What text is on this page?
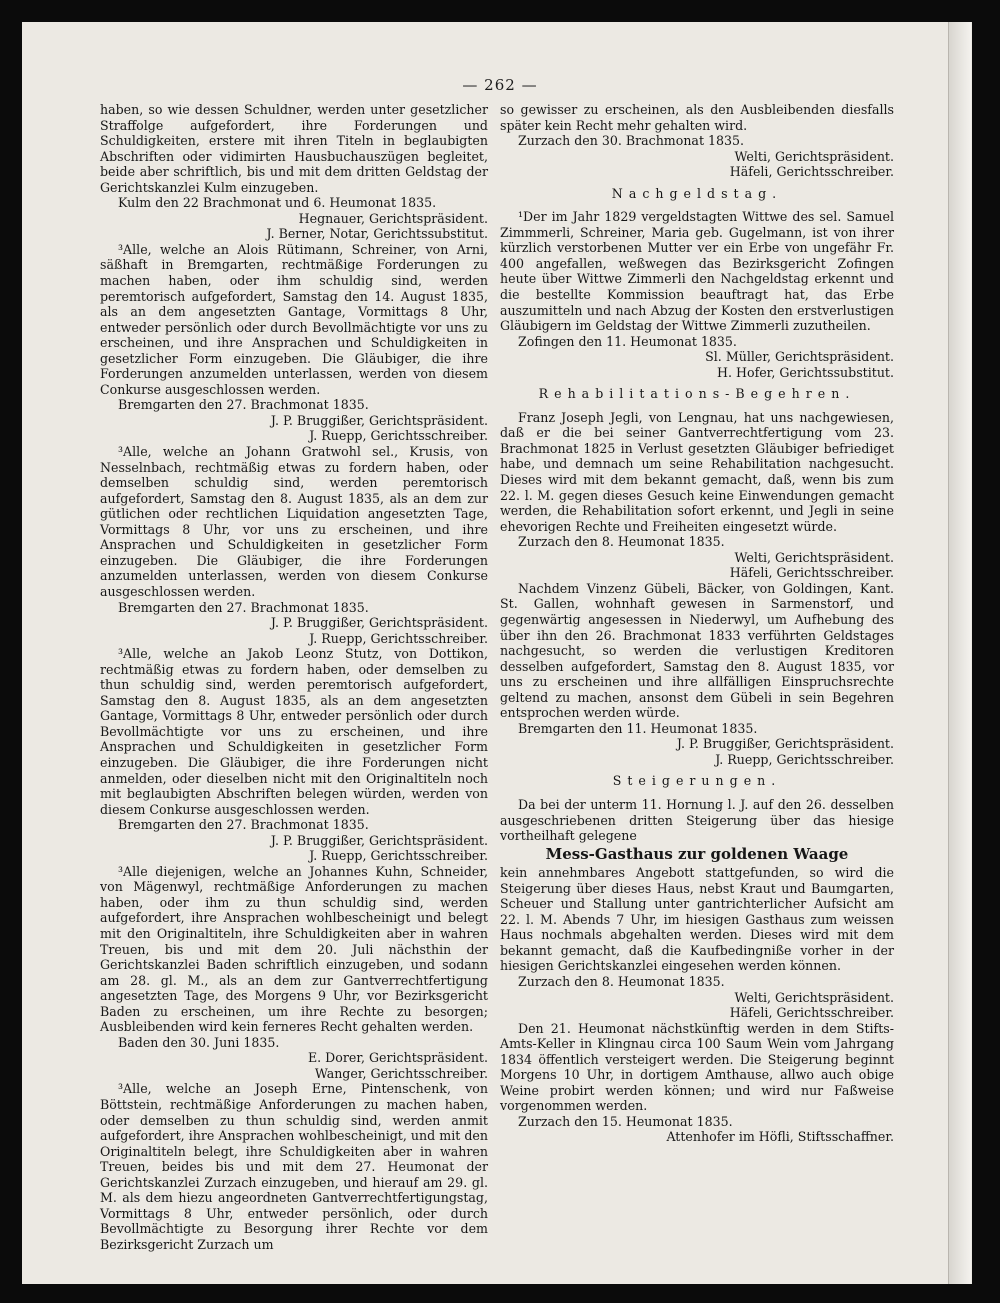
— 262 —

haben, so wie dessen Schuldner, werden unter gesetzlicher Straffolge aufgefordert, ihre Forderungen und Schuldigkeiten, erstere mit ihren Titeln in beglaubigten Abschriften oder vidimirten Hausbuchauszügen begleitet, beide aber schriftlich, bis und mit dem dritten Geldstag der Gerichtskanzlei Kulm einzugeben.

Kulm den 22 Brachmonat und 6. Heumonat 1835.

Hegnauer, Gerichtspräsident.

J. Berner, Notar, Gerichtssubstitut.

³Alle, welche an Alois Rütimann, Schreiner, von Arni, säßhaft in Bremgarten, rechtmäßige Forderungen zu machen haben, oder ihm schuldig sind, werden peremtorisch aufgefordert, Samstag den 14. August 1835, als an dem angesetzten Gantage, Vormittags 8 Uhr, entweder persönlich oder durch Bevollmächtigte vor uns zu erscheinen, und ihre Ansprachen und Schuldigkeiten in gesetzlicher Form einzugeben. Die Gläubiger, die ihre Forderungen anzumelden unterlassen, werden von diesem Conkurse ausgeschlossen werden.

Bremgarten den 27. Brachmonat 1835.

J. P. Bruggißer, Gerichtspräsident.

J. Ruepp, Gerichtsschreiber.

³Alle, welche an Johann Gratwohl sel., Krusis, von Nesselnbach, rechtmäßig etwas zu fordern haben, oder demselben schuldig sind, werden peremtorisch aufgefordert, Samstag den 8. August 1835, als an dem zur gütlichen oder rechtlichen Liquidation angesetzten Tage, Vormittags 8 Uhr, vor uns zu erscheinen, und ihre Ansprachen und Schuldigkeiten in gesetzlicher Form einzugeben. Die Gläubiger, die ihre Forderungen anzumelden unterlassen, werden von diesem Conkurse ausgeschlossen werden.

Bremgarten den 27. Brachmonat 1835.

J. P. Bruggißer, Gerichtspräsident.

J. Ruepp, Gerichtsschreiber.

³Alle, welche an Jakob Leonz Stutz, von Dottikon, rechtmäßig etwas zu fordern haben, oder demselben zu thun schuldig sind, werden peremtorisch aufgefordert, Samstag den 8. August 1835, als an dem angesetzten Gantage, Vormittags 8 Uhr, entweder persönlich oder durch Bevollmächtigte vor uns zu erscheinen, und ihre Ansprachen und Schuldigkeiten in gesetzlicher Form einzugeben. Die Gläubiger, die ihre Forderungen nicht anmelden, oder dieselben nicht mit den Originaltiteln noch mit beglaubigten Abschriften belegen würden, werden von diesem Conkurse ausgeschlossen werden.

Bremgarten den 27. Brachmonat 1835.

J. P. Bruggißer, Gerichtspräsident.

J. Ruepp, Gerichtsschreiber.

³Alle diejenigen, welche an Johannes Kuhn, Schneider, von Mägenwyl, rechtmäßige Anforderungen zu machen haben, oder ihm zu thun schuldig sind, werden aufgefordert, ihre Ansprachen wohlbescheinigt und belegt mit den Originaltiteln, ihre Schuldigkeiten aber in wahren Treuen, bis und mit dem 20. Juli nächsthin der Gerichtskanzlei Baden schriftlich einzugeben, und sodann am 28. gl. M., als an dem zur Gantverrechtfertigung angesetzten Tage, des Morgens 9 Uhr, vor Bezirksgericht Baden zu erscheinen, um ihre Rechte zu besorgen; Ausbleibenden wird kein ferneres Recht gehalten werden.

Baden den 30. Juni 1835.

E. Dorer, Gerichtspräsident.

Wanger, Gerichtsschreiber.

³Alle, welche an Joseph Erne, Pintenschenk, von Böttstein, rechtmäßige Anforderungen zu machen haben, oder demselben zu thun schuldig sind, werden anmit aufgefordert, ihre Ansprachen wohlbescheinigt, und mit den Originaltiteln belegt, ihre Schuldigkeiten aber in wahren Treuen, beides bis und mit dem 27. Heumonat der Gerichtskanzlei Zurzach einzugeben, und hierauf am 29. gl. M. als dem hiezu angeordneten Gantverrechtfertigungstag, Vormittags 8 Uhr, entweder persönlich, oder durch Bevollmächtigte zu Besorgung ihrer Rechte vor dem Bezirksgericht Zurzach um

so gewisser zu erscheinen, als den Ausbleibenden diesfalls später kein Recht mehr gehalten wird.

Zurzach den 30. Brachmonat 1835.

Welti, Gerichtspräsident.

Häfeli, Gerichtsschreiber.

Nachgeldstag.

¹Der im Jahr 1829 vergeldstagten Wittwe des sel. Samuel Zimmmerli, Schreiner, Maria geb. Gugelmann, ist von ihrer kürzlich verstorbenen Mutter ver ein Erbe von ungefähr Fr. 400 angefallen, weßwegen das Bezirksgericht Zofingen heute über Wittwe Zimmerli den Nachgeldstag erkennt und die bestellte Kommission beauftragt hat, das Erbe auszumitteln und nach Abzug der Kosten den erstverlustigen Gläubigern im Geldstag der Wittwe Zimmerli zuzutheilen.

Zofingen den 11. Heumonat 1835.

Sl. Müller, Gerichtspräsident.

H. Hofer, Gerichtssubstitut.

Rehabilitations-Begehren.

Franz Joseph Jegli, von Lengnau, hat uns nachgewiesen, daß er die bei seiner Gantverrechtfertigung vom 23. Brachmonat 1825 in Verlust gesetzten Gläubiger befriediget habe, und demnach um seine Rehabilitation nachgesucht. Dieses wird mit dem bekannt gemacht, daß, wenn bis zum 22. l. M. gegen dieses Gesuch keine Einwendungen gemacht werden, die Rehabilitation sofort erkennt, und Jegli in seine ehevorigen Rechte und Freiheiten eingesetzt würde.

Zurzach den 8. Heumonat 1835.

Welti, Gerichtspräsident.

Häfeli, Gerichtsschreiber.

Nachdem Vinzenz Gübeli, Bäcker, von Goldingen, Kant. St. Gallen, wohnhaft gewesen in Sarmenstorf, und gegenwärtig angesessen in Niederwyl, um Aufhebung des über ihn den 26. Brachmonat 1833 verführten Geldstages nachgesucht, so werden die verlustigen Kreditoren desselben aufgefordert, Samstag den 8. August 1835, vor uns zu erscheinen und ihre allfälligen Einspruchsrechte geltend zu machen, ansonst dem Gübeli in sein Begehren entsprochen werden würde.

Bremgarten den 11. Heumonat 1835.

J. P. Bruggißer, Gerichtspräsident.

J. Ruepp, Gerichtsschreiber.

Steigerungen.

Da bei der unterm 11. Hornung l. J. auf den 26. desselben ausgeschriebenen dritten Steigerung über das hiesige vortheilhaft gelegene

Mess-Gasthaus zur goldenen Waage

kein annehmbares Angebott stattgefunden, so wird die Steigerung über dieses Haus, nebst Kraut und Baumgarten, Scheuer und Stallung unter gantrichterlicher Aufsicht am 22. l. M. Abends 7 Uhr, im hiesigen Gasthaus zum weissen Haus nochmals abgehalten werden. Dieses wird mit dem bekannt gemacht, daß die Kaufbedingniße vorher in der hiesigen Gerichtskanzlei eingesehen werden können.

Zurzach den 8. Heumonat 1835.

Welti, Gerichtspräsident.

Häfeli, Gerichtsschreiber.

Den 21. Heumonat nächstkünftig werden in dem Stifts-Amts-Keller in Klingnau circa 100 Saum Wein vom Jahrgang 1834 öffentlich versteigert werden. Die Steigerung beginnt Morgens 10 Uhr, in dortigem Amthause, allwo auch obige Weine probirt werden können; und wird nur Faßweise vorgenommen werden.

Zurzach den 15. Heumonat 1835.

Attenhofer im Höfli, Stiftsschaffner.
